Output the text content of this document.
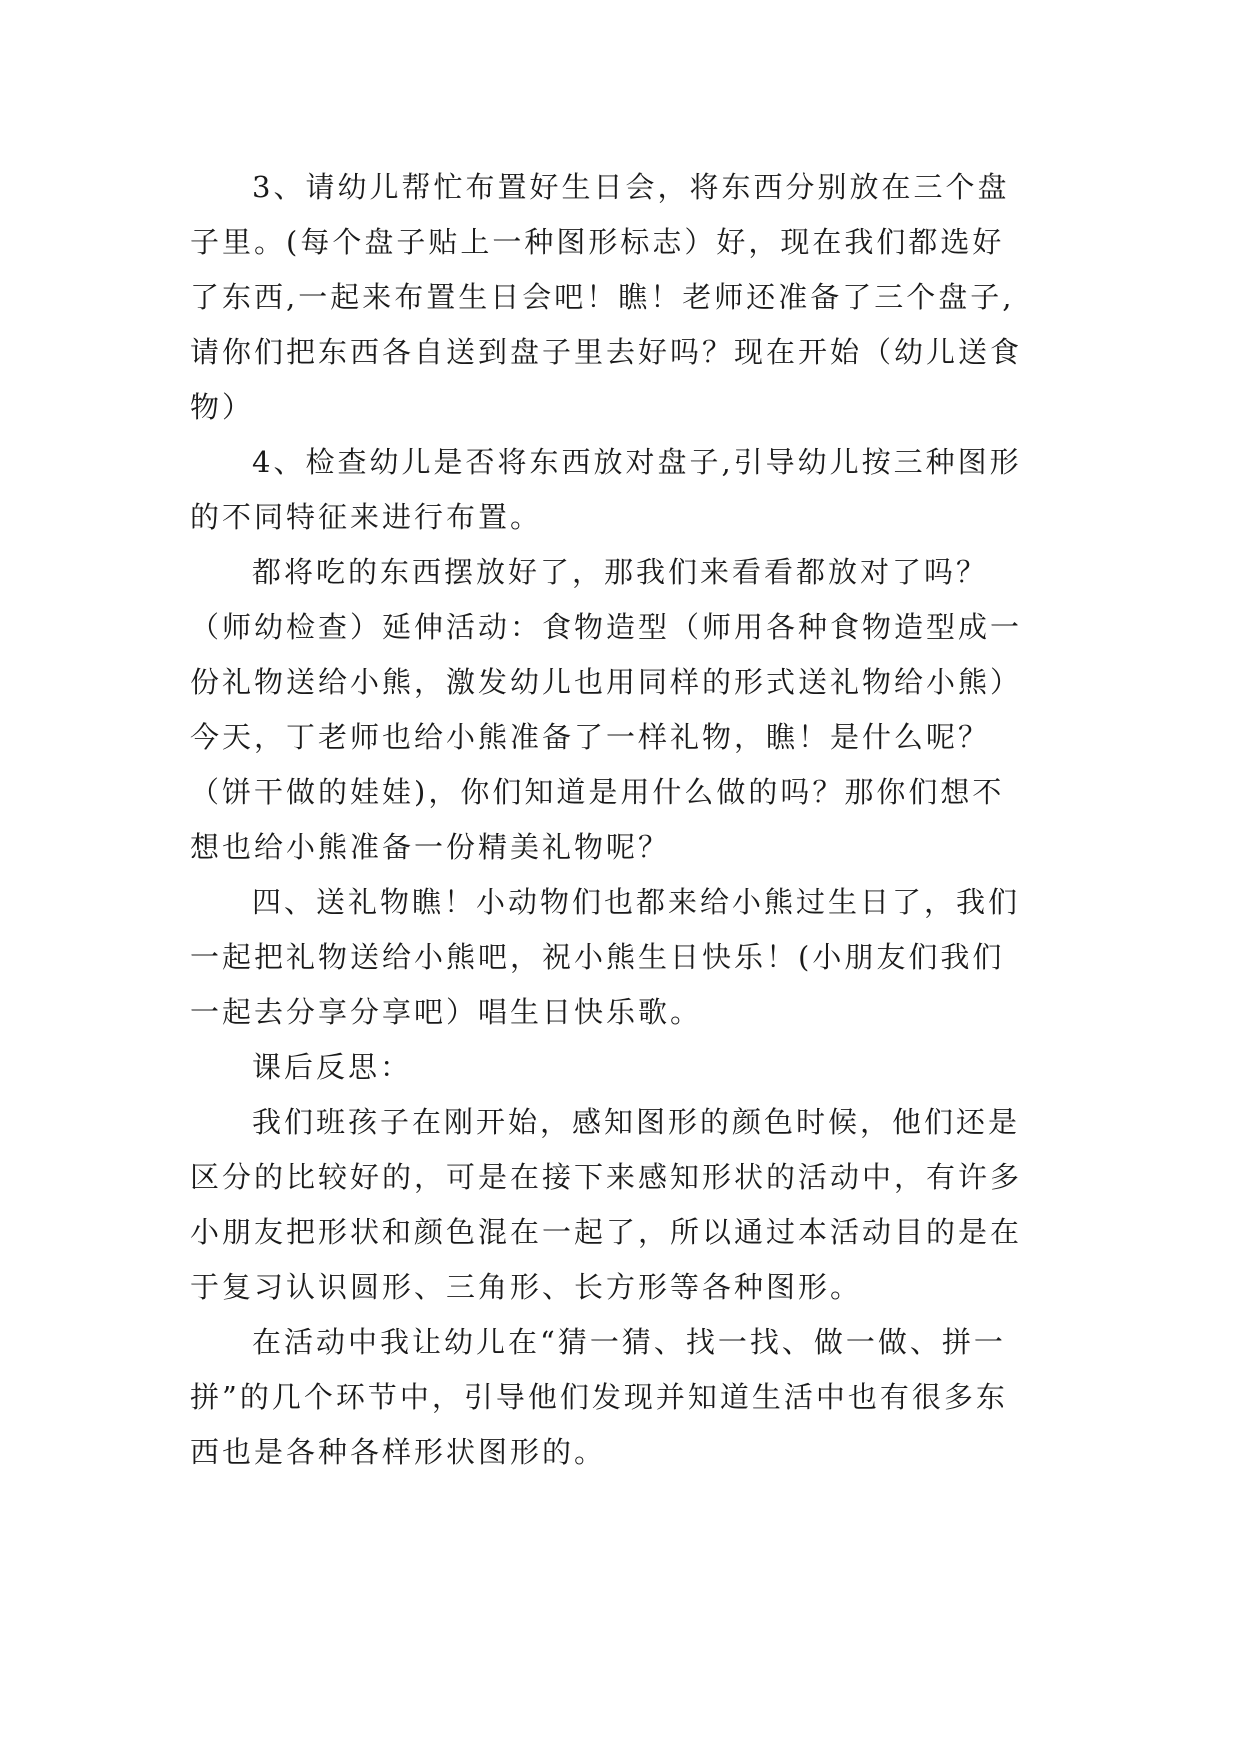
3、请幼儿帮忙布置好生日会，将东西分别放在三个盘
子里。(每个盘子贴上一种图形标志）好，现在我们都选好
了东西,一起来布置生日会吧！瞧！老师还准备了三个盘子,
请你们把东西各自送到盘子里去好吗？现在开始（幼儿送食
物）
4、检查幼儿是否将东西放对盘子,引导幼儿按三种图形
的不同特征来进行布置。
都将吃的东西摆放好了，那我们来看看都放对了吗？
（师幼检查）延伸活动：食物造型（师用各种食物造型成一
份礼物送给小熊，激发幼儿也用同样的形式送礼物给小熊）
今天，丁老师也给小熊准备了一样礼物，瞧！是什么呢？
（饼干做的娃娃)，你们知道是用什么做的吗？那你们想不
想也给小熊准备一份精美礼物呢？
四、送礼物瞧！小动物们也都来给小熊过生日了，我们
一起把礼物送给小熊吧，祝小熊生日快乐！(小朋友们我们
一起去分享分享吧）唱生日快乐歌。
课后反思：
我们班孩子在刚开始，感知图形的颜色时候，他们还是
区分的比较好的，可是在接下来感知形状的活动中，有许多
小朋友把形状和颜色混在一起了，所以通过本活动目的是在
于复习认识圆形、三角形、长方形等各种图形。
在活动中我让幼儿在“猜一猜、找一找、做一做、拼一
拼”的几个环节中，引导他们发现并知道生活中也有很多东
西也是各种各样形状图形的。
